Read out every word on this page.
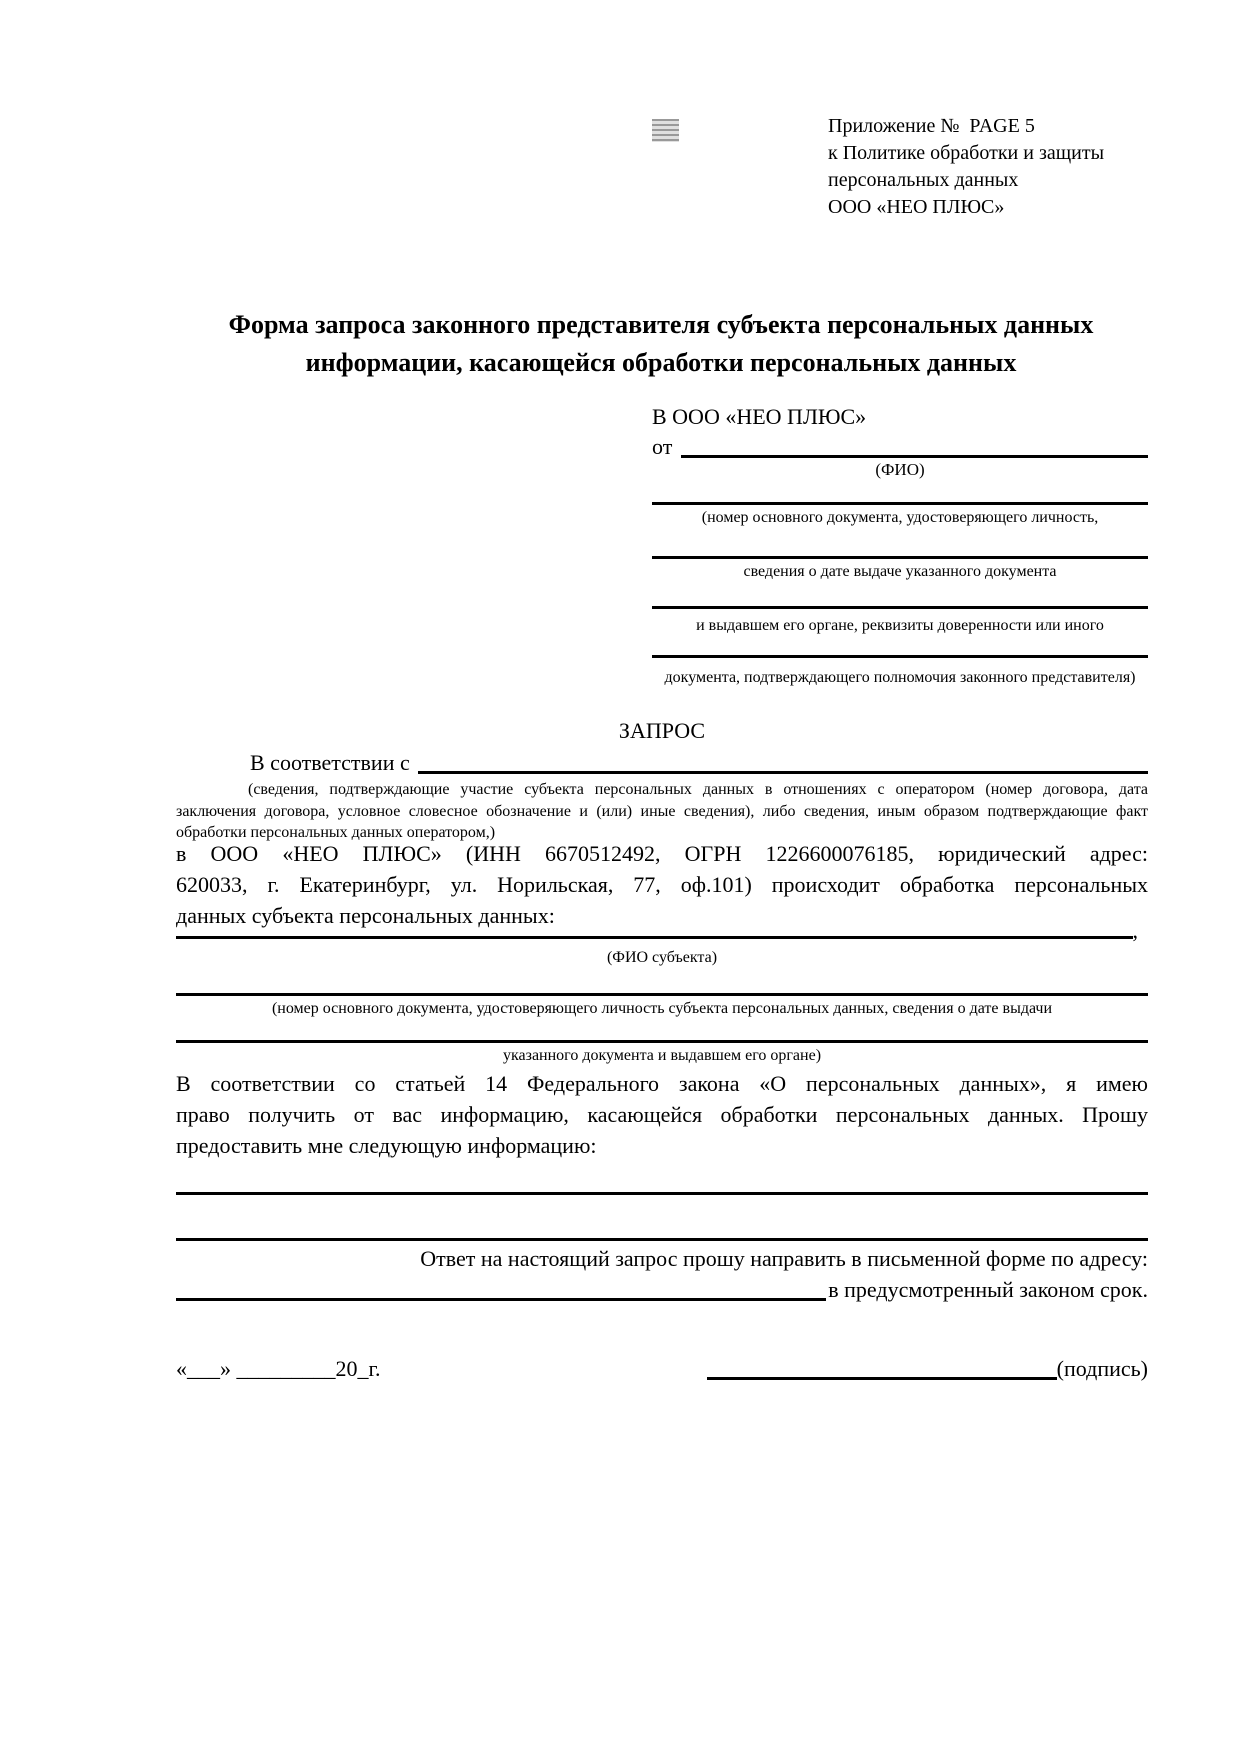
Приложение №  PAGE 5
к Политике обработки и защиты
персональных данных
ООО «НЕО ПЛЮС»
Форма запроса законного представителя субъекта персональных данных
информации, касающейся обработки персональных данных
В ООО «НЕО ПЛЮС»
от
(ФИО)
(номер основного документа, удостоверяющего личность,
сведения о дате выдаче указанного документа
и выдавшем его органе, реквизиты доверенности или иного
документа, подтверждающего полномочия законного представителя)
ЗАПРОС
В соответствии с
(сведения, подтверждающие участие субъекта персональных данных в отношениях с оператором (номер договора, дата
заключения договора, условное словесное обозначение и (или) иные сведения), либо сведения, иным образом подтверждающие факт
обработки персональных данных оператором,)
в ООО «НЕО ПЛЮС» (ИНН 6670512492, ОГРН 1226600076185, юридический адрес:
620033, г. Екатеринбург, ул. Норильская, 77, оф.101) происходит обработка персональных
данных субъекта персональных данных:
,
(ФИО субъекта)
(номер основного документа, удостоверяющего личность субъекта персональных данных, сведения о дате выдачи
указанного документа и выдавшем его органе)
В соответствии со статьей 14 Федерального закона «О персональных данных», я имею
право получить от вас информацию, касающейся обработки персональных данных. Прошу
предоставить мне следующую информацию:
Ответ на настоящий запрос прошу направить в письменной форме по адресу:
в предусмотренный законом срок.
«___» _________20_г.	(подпись)
